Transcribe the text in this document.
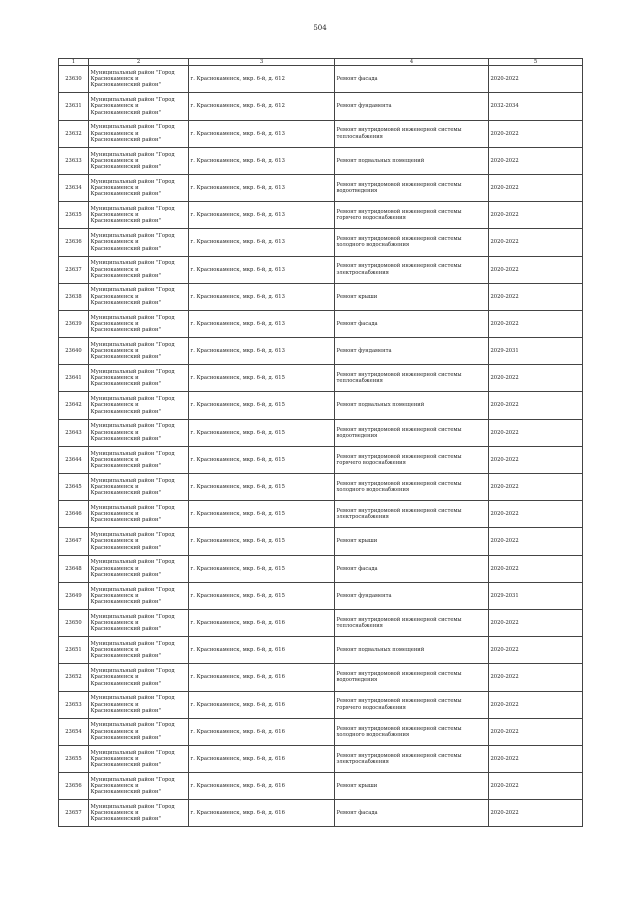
504
1	2	3	4	5
23630	Муниципальный район "Город Краснокаменск и Краснокаменский район"	г. Краснокаменск, мкр. 6-й, д. 612	Ремонт фасада	2020-2022
23631	Муниципальный район "Город Краснокаменск и Краснокаменский район"	г. Краснокаменск, мкр. 6-й, д. 612	Ремонт фундамента	2032-2034
23632	Муниципальный район "Город Краснокаменск и Краснокаменский район"	г. Краснокаменск, мкр. 6-й, д. 613	Ремонт внутридомовой инженерной системы теплоснабжения	2020-2022
23633	Муниципальный район "Город Краснокаменск и Краснокаменский район"	г. Краснокаменск, мкр. 6-й, д. 613	Ремонт подвальных помещений	2020-2022
23634	Муниципальный район "Город Краснокаменск и Краснокаменский район"	г. Краснокаменск, мкр. 6-й, д. 613	Ремонт внутридомовой инженерной системы водоотведения	2020-2022
23635	Муниципальный район "Город Краснокаменск и Краснокаменский район"	г. Краснокаменск, мкр. 6-й, д. 613	Ремонт внутридомовой инженерной системы горячего водоснабжения	2020-2022
23636	Муниципальный район "Город Краснокаменск и Краснокаменский район"	г. Краснокаменск, мкр. 6-й, д. 613	Ремонт внутридомовой инженерной системы холодного водоснабжения	2020-2022
23637	Муниципальный район "Город Краснокаменск и Краснокаменский район"	г. Краснокаменск, мкр. 6-й, д. 613	Ремонт внутридомовой инженерной системы электроснабжения	2020-2022
23638	Муниципальный район "Город Краснокаменск и Краснокаменский район"	г. Краснокаменск, мкр. 6-й, д. 613	Ремонт крыши	2020-2022
23639	Муниципальный район "Город Краснокаменск и Краснокаменский район"	г. Краснокаменск, мкр. 6-й, д. 613	Ремонт фасада	2020-2022
23640	Муниципальный район "Город Краснокаменск и Краснокаменский район"	г. Краснокаменск, мкр. 6-й, д. 613	Ремонт фундамента	2029-2031
23641	Муниципальный район "Город Краснокаменск и Краснокаменский район"	г. Краснокаменск, мкр. 6-й, д. 615	Ремонт внутридомовой инженерной системы теплоснабжения	2020-2022
23642	Муниципальный район "Город Краснокаменск и Краснокаменский район"	г. Краснокаменск, мкр. 6-й, д. 615	Ремонт подвальных помещений	2020-2022
23643	Муниципальный район "Город Краснокаменск и Краснокаменский район"	г. Краснокаменск, мкр. 6-й, д. 615	Ремонт внутридомовой инженерной системы водоотведения	2020-2022
23644	Муниципальный район "Город Краснокаменск и Краснокаменский район"	г. Краснокаменск, мкр. 6-й, д. 615	Ремонт внутридомовой инженерной системы горячего водоснабжения	2020-2022
23645	Муниципальный район "Город Краснокаменск и Краснокаменский район"	г. Краснокаменск, мкр. 6-й, д. 615	Ремонт внутридомовой инженерной системы холодного водоснабжения	2020-2022
23646	Муниципальный район "Город Краснокаменск и Краснокаменский район"	г. Краснокаменск, мкр. 6-й, д. 615	Ремонт внутридомовой инженерной системы электроснабжения	2020-2022
23647	Муниципальный район "Город Краснокаменск и Краснокаменский район"	г. Краснокаменск, мкр. 6-й, д. 615	Ремонт крыши	2020-2022
23648	Муниципальный район "Город Краснокаменск и Краснокаменский район"	г. Краснокаменск, мкр. 6-й, д. 615	Ремонт фасада	2020-2022
23649	Муниципальный район "Город Краснокаменск и Краснокаменский район"	г. Краснокаменск, мкр. 6-й, д. 615	Ремонт фундамента	2029-2031
23650	Муниципальный район "Город Краснокаменск и Краснокаменский район"	г. Краснокаменск, мкр. 6-й, д. 616	Ремонт внутридомовой инженерной системы теплоснабжения	2020-2022
23651	Муниципальный район "Город Краснокаменск и Краснокаменский район"	г. Краснокаменск, мкр. 6-й, д. 616	Ремонт подвальных помещений	2020-2022
23652	Муниципальный район "Город Краснокаменск и Краснокаменский район"	г. Краснокаменск, мкр. 6-й, д. 616	Ремонт внутридомовой инженерной системы водоотведения	2020-2022
23653	Муниципальный район "Город Краснокаменск и Краснокаменский район"	г. Краснокаменск, мкр. 6-й, д. 616	Ремонт внутридомовой инженерной системы горячего водоснабжения	2020-2022
23654	Муниципальный район "Город Краснокаменск и Краснокаменский район"	г. Краснокаменск, мкр. 6-й, д. 616	Ремонт внутридомовой инженерной системы холодного водоснабжения	2020-2022
23655	Муниципальный район "Город Краснокаменск и Краснокаменский район"	г. Краснокаменск, мкр. 6-й, д. 616	Ремонт внутридомовой инженерной системы электроснабжения	2020-2022
23656	Муниципальный район "Город Краснокаменск и Краснокаменский район"	г. Краснокаменск, мкр. 6-й, д. 616	Ремонт крыши	2020-2022
23657	Муниципальный район "Город Краснокаменск и Краснокаменский район"	г. Краснокаменск, мкр. 6-й, д. 616	Ремонт фасада	2020-2022
